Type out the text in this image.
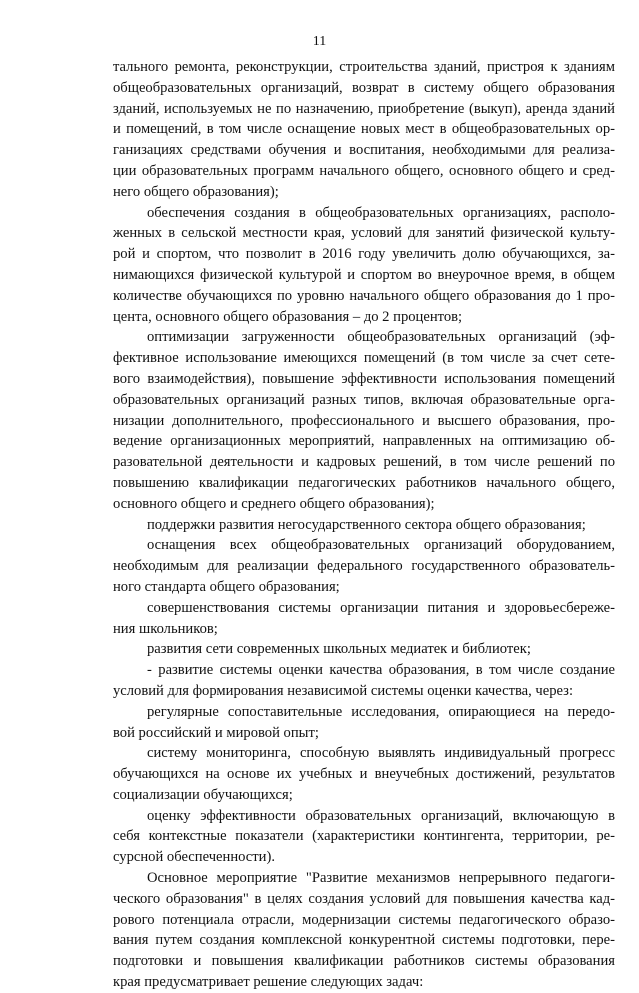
11
тального ремонта, реконструкции, строительства зданий, пристроя к зданиям
общеобразовательных организаций, возврат в систему общего образования
зданий, используемых не по назначению, приобретение (выкуп), аренда зданий
и помещений, в том числе оснащение новых мест в общеобразовательных ор-
ганизациях средствами обучения и воспитания, необходимыми для реализа-
ции образовательных программ начального общего, основного общего и сред-
него общего образования);
обеспечения создания в общеобразовательных организациях, располо-
женных в сельской местности края, условий для занятий физической культу-
рой и спортом, что позволит в 2016 году увеличить долю обучающихся, за-
нимающихся физической культурой и спортом во внеурочное время, в общем
количестве обучающихся по уровню начального общего образования до 1 про-
цента, основного общего образования – до 2 процентов;
оптимизации загруженности общеобразовательных организаций (эф-
фективное использование имеющихся помещений (в том числе за счет сете-
вого взаимодействия), повышение эффективности использования помещений
образовательных организаций разных типов, включая образовательные орга-
низации дополнительного, профессионального и высшего образования, про-
ведение организационных мероприятий, направленных на оптимизацию об-
разовательной деятельности и кадровых решений, в том числе решений по
повышению квалификации педагогических работников начального общего,
основного общего и среднего общего образования);
поддержки развития негосударственного сектора общего образования;
оснащения всех общеобразовательных организаций оборудованием,
необходимым для реализации федерального государственного образователь-
ного стандарта общего образования;
совершенствования системы организации питания и здоровьесбереже-
ния школьников;
развития сети современных школьных медиатек и библиотек;
- развитие системы оценки качества образования, в том числе создание
условий для формирования независимой системы оценки качества, через:
регулярные сопоставительные исследования, опирающиеся на передо-
вой российский и мировой опыт;
систему мониторинга, способную выявлять индивидуальный прогресс
обучающихся на основе их учебных и внеучебных достижений, результатов
социализации обучающихся;
оценку эффективности образовательных организаций, включающую в
себя контекстные показатели (характеристики контингента, территории, ре-
сурсной обеспеченности).
Основное мероприятие "Развитие механизмов непрерывного педагоги-
ческого образования" в целях создания условий для повышения качества кад-
рового потенциала отрасли, модернизации системы педагогического образо-
вания путем создания комплексной конкурентной системы подготовки, пере-
подготовки и повышения квалификации работников системы образования
края предусматривает решение следующих задач:
